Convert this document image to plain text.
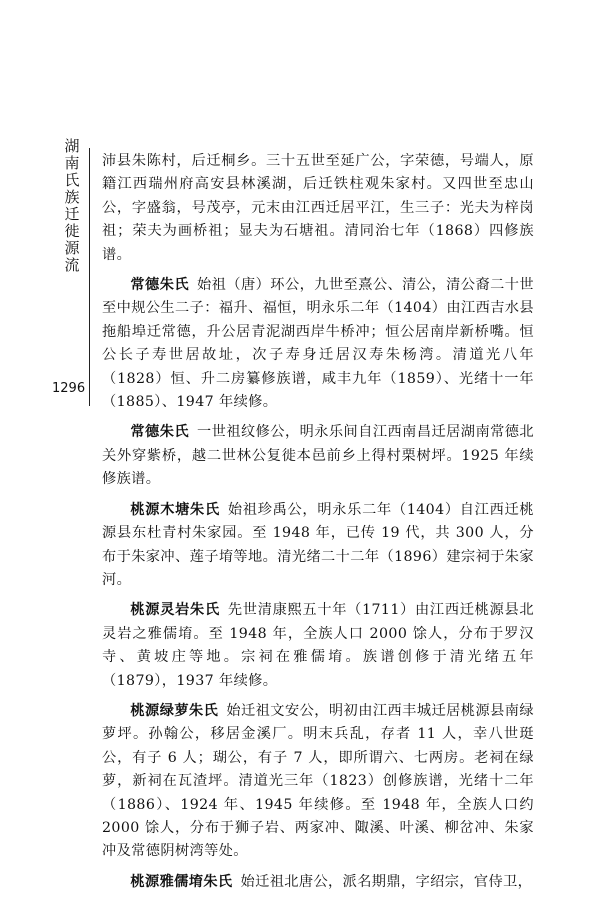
湖南氏族迁徙源流
1296

沛县朱陈村，后迁桐乡。三十五世至延广公，字荣德，号端人，原籍江西瑞州府高安县林溪湖，后迁铁柱观朱家村。又四世至忠山公，字盛翁，号茂亭，元末由江西迁居平江，生三子：光夫为梓岗祖；荣夫为画桥祖；显夫为石塘祖。清同治七年（1868）四修族谱。

常德朱氏 始祖（唐）环公，九世至熹公、清公，清公裔二十世至中规公生二子：福升、福恒，明永乐二年（1404）由江西吉水县拖船埠迁常德，升公居青泥湖西岸牛桥冲；恒公居南岸新桥嘴。恒公长子寿世居故址，次子寿身迁居汉寿朱杨湾。清道光八年（1828）恒、升二房纂修族谱，咸丰九年（1859）、光绪十一年（1885）、1947 年续修。

常德朱氏 一世祖纹修公，明永乐间自江西南昌迁居湖南常德北关外穿紫桥，越二世林公复徙本邑前乡上得村栗树坪。1925 年续修族谱。

桃源木塘朱氏 始祖珍禹公，明永乐二年（1404）自江西迁桃源县东杜青村朱家园。至 1948 年，已传 19 代，共 300 人，分布于朱家冲、莲子堉等地。清光绪二十二年（1896）建宗祠于朱家河。

桃源灵岩朱氏 先世清康熙五十年（1711）由江西迁桃源县北灵岩之雅儒堉。至 1948 年，全族人口 2000 馀人，分布于罗汉寺、黄坡庄等地。宗祠在雅儒堉。族谱创修于清光绪五年（1879），1937 年续修。

桃源绿萝朱氏 始迁祖文安公，明初由江西丰城迁居桃源县南绿萝坪。孙翰公，移居金溪厂。明末兵乱，存者 11 人，幸八世珽公，有子 6 人；瑚公，有子 7 人，即所谓六、七两房。老祠在绿萝，新祠在瓦渣坪。清道光三年（1823）创修族谱，光绪十二年（1886）、1924 年、1945 年续修。至 1948 年，全族人口约 2000 馀人，分布于狮子岩、两家冲、陬溪、叶溪、柳岔冲、朱家冲及常德阴树湾等处。

桃源雅儒堉朱氏 始迁祖北唐公，派名期鼎，字绍宗，官侍卫，
